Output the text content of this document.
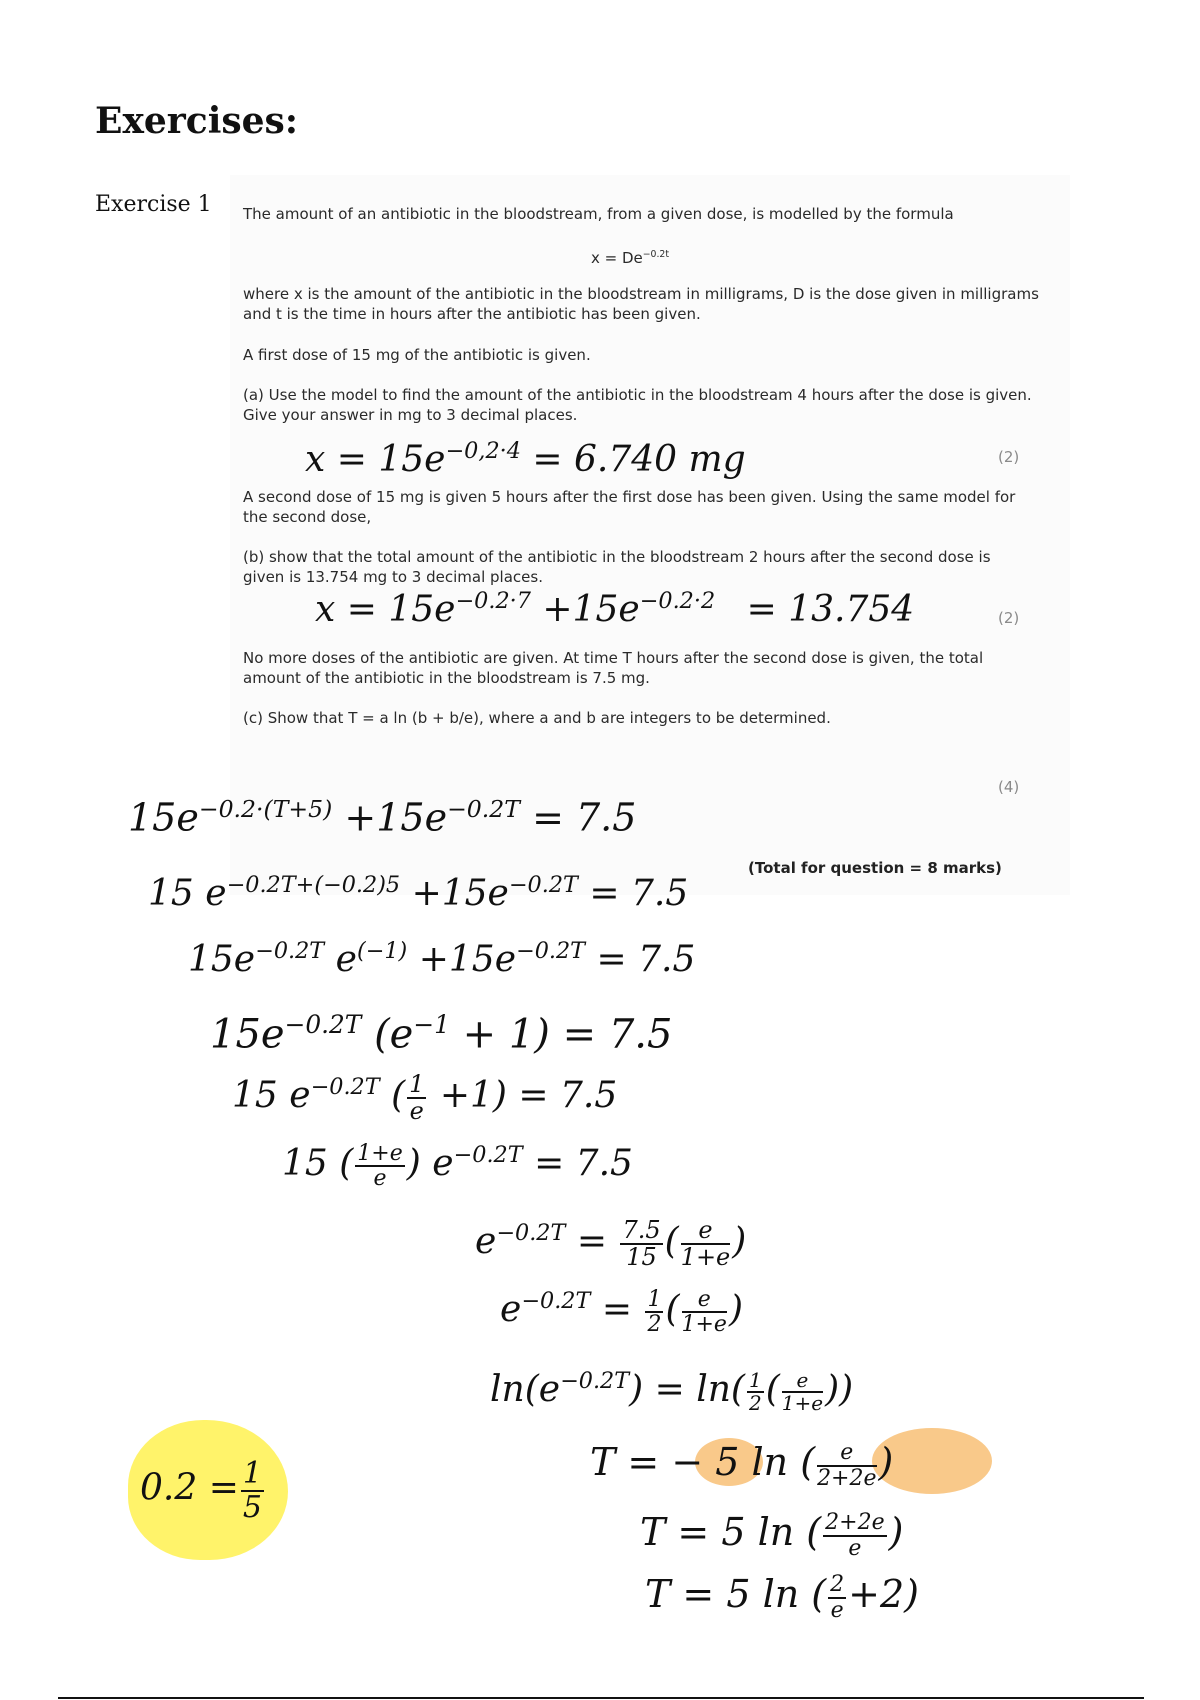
Exercises:
Exercise 1 The amount of an antibiotic in the bloodstream, from a given dose, is modelled by the formula
$x = De^{-0.2t}$
where x is the amount of the antibiotic in the bloodstream in milligrams, D is the dose given in milligrams and t is the time in hours after the antibiotic has been given.
A first dose of 15 mg of the antibiotic is given.
(a) Use the model to find the amount of the antibiotic in the bloodstream 4 hours after the dose is given. Give your answer in mg to 3 decimal places.
(2)
A second dose of 15 mg is given 5 hours after the first dose has been given. Using the same model for the second dose,
(b) show that the total amount of the antibiotic in the bloodstream 2 hours after the second dose is given is 13.754 mg to 3 decimal places.
(2)
No more doses of the antibiotic are given. At time T hours after the second dose is given, the total amount of the antibiotic in the bloodstream is 7.5 mg.
(c) Show that T = a ln (b + b/e), where a and b are integers to be determined.
(4)
(Total for question = 8 marks)
$x = 15e^{-0,2\cdot 4} = 6.740$ mg
$x = 15e^{-0.2\cdot 7} +15e^{-0.2\cdot 2} = 13.754$
$15e^{-0.2\cdot(T+5)} +15e^{-0.2T} = 7.5$
15 $e^{-0.2T+(-0.2)5} +15e^{-0.2T} = 7.5$
$15e^{-0.2T}$ $e^{(-1)} +15e^{-0.2T} = 7.5$
$15e^{-0.2T}$ $(e^{-1} + 1) = 7.5$
15 $e^{-0.2T}$ ( $\frac{1}{e} +1) = 7.5$
15 ( $\frac{1+e}{e}$ ) $e^{-0.2T} = 7.5$
$e^{-0.2T} = \frac{7.5}{15}$ ( $\frac{e}{1+e}$ )
$e^{-0.2T} = \frac{1}{2}$ ( $\frac{e}{1+e}$ )
$\ln(e^{-0.2T}) = \ln( \frac{1}{2}$ ( $\frac{e}{1+e}$ ))
T = − 5 ln ( $\frac{e}{2+2e}$ )
T = 5 ln ( $\frac{2+2e}{e}$ )
T = 5 ln ( $\frac{2}{e} +2$)
$0.2 = \frac{1}{5}$
